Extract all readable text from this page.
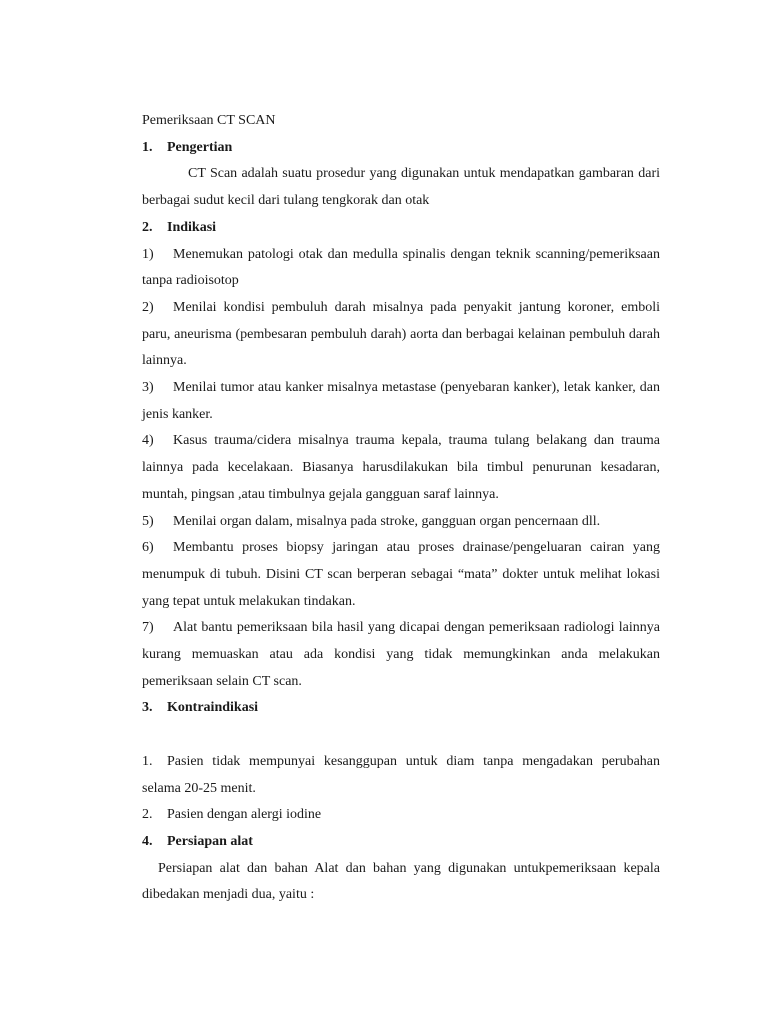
Pemeriksaan CT SCAN

1.	Pengertian

CT Scan adalah suatu prosedur yang digunakan untuk mendapatkan gambaran dari berbagai sudut kecil dari tulang tengkorak dan otak

2.	Indikasi

1) Menemukan patologi otak dan medulla spinalis dengan teknik scanning/pemeriksaan tanpa radioisotop

2) Menilai kondisi pembuluh darah misalnya pada penyakit jantung koroner, emboli paru, aneurisma (pembesaran pembuluh darah) aorta dan berbagai kelainan pembuluh darah lainnya.

3) Menilai tumor atau kanker misalnya metastase (penyebaran kanker), letak kanker, dan jenis kanker.

4) Kasus trauma/cidera misalnya trauma kepala, trauma tulang belakang dan trauma lainnya pada kecelakaan. Biasanya harusdilakukan bila timbul penurunan kesadaran, muntah, pingsan ,atau timbulnya gejala gangguan saraf lainnya.

5) Menilai organ dalam, misalnya pada stroke, gangguan organ pencernaan dll.

6) Membantu proses biopsy jaringan atau proses drainase/pengeluaran cairan yang menumpuk di tubuh. Disini CT scan berperan sebagai “mata” dokter untuk melihat lokasi yang tepat untuk melakukan tindakan.

7) Alat bantu pemeriksaan bila hasil yang dicapai dengan pemeriksaan radiologi lainnya kurang memuaskan atau ada kondisi yang tidak memungkinkan anda melakukan pemeriksaan selain CT scan.

3.	Kontraindikasi

1. Pasien tidak mempunyai kesanggupan untuk diam tanpa mengadakan perubahan selama 20-25 menit.

2. Pasien dengan alergi iodine

4.	Persiapan alat

Persiapan alat dan bahan Alat dan bahan yang digunakan untukpemeriksaan kepala dibedakan menjadi dua, yaitu :
